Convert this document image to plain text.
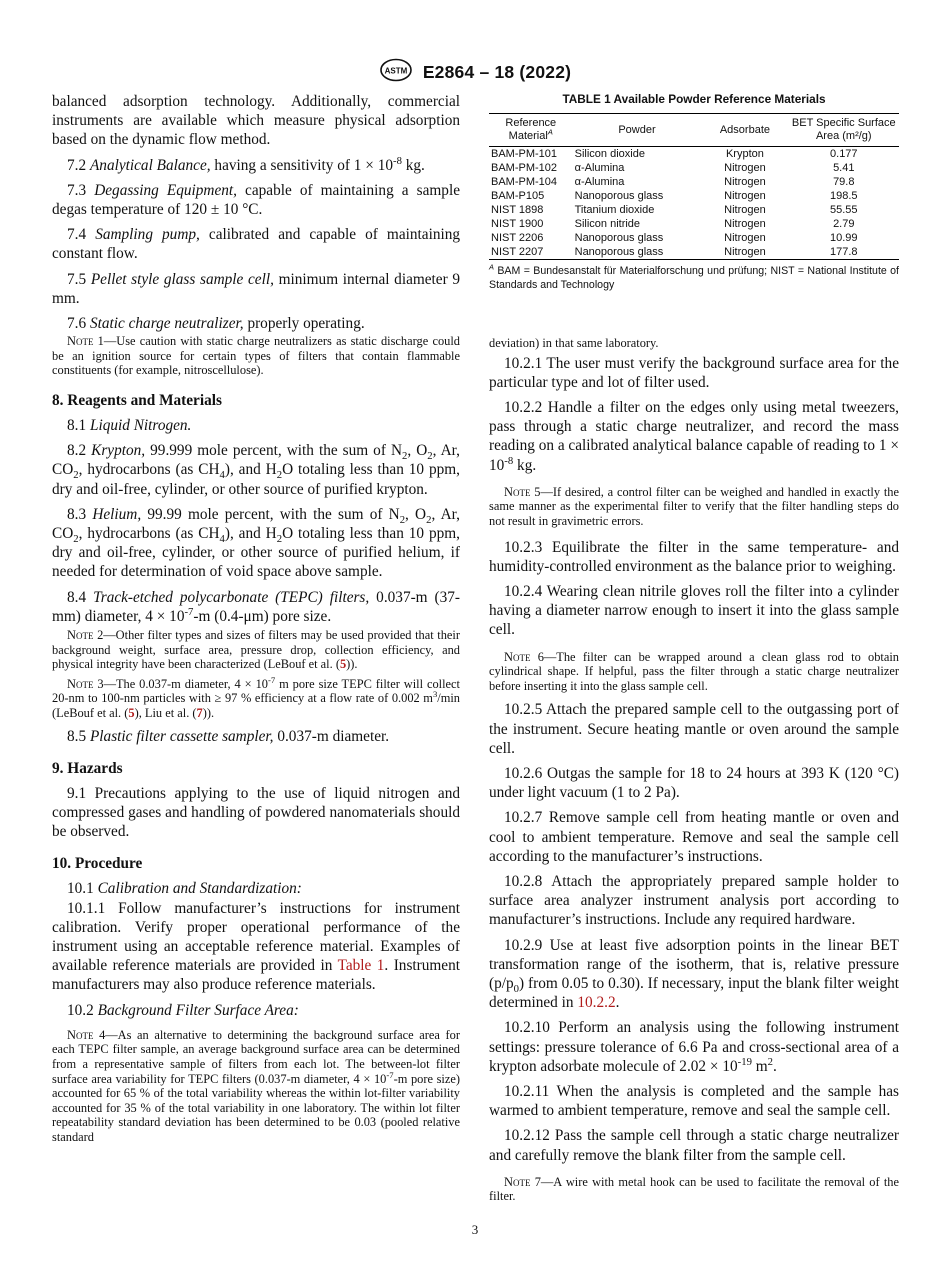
ASTM E2864 – 18 (2022)

balanced adsorption technology. Additionally, commercial instruments are available which measure physical adsorption based on the dynamic flow method.

7.2 Analytical Balance, having a sensitivity of $1 \times 10^{-8}$ kg.

7.3 Degassing Equipment, capable of maintaining a sample degas temperature of 120 ± 10 °C.

7.4 Sampling pump, calibrated and capable of maintaining constant flow.

7.5 Pellet style glass sample cell, minimum internal diameter 9 mm.

7.6 Static charge neutralizer, properly operating.

Note 1—Use caution with static charge neutralizers as static discharge could be an ignition source for certain types of filters that contain flammable constituents (for example, nitroscellulose).

8. Reagents and Materials

8.1 Liquid Nitrogen.

8.2 Krypton, 99.999 mole percent, with the sum of $N_2$, $O_2$, Ar, $CO_2$, hydrocarbons (as $CH_4$), and $H_2O$ totaling less than 10 ppm, dry and oil-free, cylinder, or other source of purified krypton.

8.3 Helium, 99.99 mole percent, with the sum of $N_2$, $O_2$, Ar, $CO_2$, hydrocarbons (as $CH_4$), and $H_2O$ totaling less than 10 ppm, dry and oil-free, cylinder, or other source of purified helium, if needed for determination of void space above sample.

8.4 Track-etched polycarbonate (TEPC) filters, 0.037-m (37-mm) diameter, $4 \times 10^{-7}-m$ (0.4-μm) pore size.

Note 2—Other filter types and sizes of filters may be used provided that their background weight, surface area, pressure drop, collection efficiency, and physical integrity have been characterized (LeBouf et al. (5)).

Note 3—The 0.037-m diameter, $4 \times 10^{-7}$ m pore size TEPC filter will collect 20-nm to 100-nm particles with ≥ 97 % efficiency at a flow rate of 0.002 $m^3/\min$ (LeBouf et al. (5), Liu et al. (7)).

8.5 Plastic filter cassette sampler, 0.037-m diameter.

9. Hazards

9.1 Precautions applying to the use of liquid nitrogen and compressed gases and handling of powdered nanomaterials should be observed.

10. Procedure

10.1 Calibration and Standardization:

10.1.1 Follow manufacturer’s instructions for instrument calibration. Verify proper operational performance of the instrument using an acceptable reference material. Examples of available reference materials are provided in Table 1. Instrument manufacturers may also produce reference materials.

10.2 Background Filter Surface Area:

Note 4—As an alternative to determining the background surface area for each TEPC filter sample, an average background surface area can be determined from a representative sample of filters from each lot. The between-lot filter surface area variability for TEPC filters (0.037-m diameter, $4 \times 10^{-7}-m$ pore size) accounted for 65 % of the total variability whereas the within lot-filter variability accounted for 35 % of the total variability in one laboratory. The within lot filter repeatability standard deviation has been determined to be 0.03 (pooled relative standard

TABLE 1 Available Powder Reference Materials
Reference Material$^A$	Powder	Adsorbate	BET Specific Surface Area (m²/g)
BAM-PM-101	Silicon dioxide	Krypton	0.177
BAM-PM-102	α-Alumina	Nitrogen	5.41
BAM-PM-104	α-Alumina	Nitrogen	79.8
BAM-P105	Nanoporous glass	Nitrogen	198.5
NIST 1898	Titanium dioxide	Nitrogen	55.55
NIST 1900	Silicon nitride	Nitrogen	2.79
NIST 2206	Nanoporous glass	Nitrogen	10.99
NIST 2207	Nanoporous glass	Nitrogen	177.8
$^A$ BAM = Bundesanstalt für Materialforschung und prüfung; NIST = National Institute of Standards and Technology

deviation) in that same laboratory.

10.2.1 The user must verify the background surface area for the particular type and lot of filter used.

10.2.2 Handle a filter on the edges only using metal tweezers, pass through a static charge neutralizer, and record the mass reading on a calibrated analytical balance capable of reading to $1 \times 10^{-8}$ kg.

Note 5—If desired, a control filter can be weighed and handled in exactly the same manner as the experimental filter to verify that the filter handling steps do not result in gravimetric errors.

10.2.3 Equilibrate the filter in the same temperature- and humidity-controlled environment as the balance prior to weighing.

10.2.4 Wearing clean nitrile gloves roll the filter into a cylinder having a diameter narrow enough to insert it into the glass sample cell.

Note 6—The filter can be wrapped around a clean glass rod to obtain cylindrical shape. If helpful, pass the filter through a static charge neutralizer before inserting it into the glass sample cell.

10.2.5 Attach the prepared sample cell to the outgassing port of the instrument. Secure heating mantle or oven around the sample cell.

10.2.6 Outgas the sample for 18 to 24 hours at 393 K (120 °C) under light vacuum (1 to 2 Pa).

10.2.7 Remove sample cell from heating mantle or oven and cool to ambient temperature. Remove and seal the sample cell according to the manufacturer’s instructions.

10.2.8 Attach the appropriately prepared sample holder to surface area analyzer instrument analysis port according to manufacturer’s instructions. Include any required hardware.

10.2.9 Use at least five adsorption points in the linear BET transformation range of the isotherm, that is, relative pressure $(p/p_0)$ from 0.05 to 0.30). If necessary, input the blank filter weight determined in 10.2.2.

10.2.10 Perform an analysis using the following instrument settings: pressure tolerance of 6.6 Pa and cross-sectional area of a krypton adsorbate molecule of $2.02 \times 10^{-19}$ $m^2$.

10.2.11 When the analysis is completed and the sample has warmed to ambient temperature, remove and seal the sample cell.

10.2.12 Pass the sample cell through a static charge neutralizer and carefully remove the blank filter from the sample cell.

Note 7—A wire with metal hook can be used to facilitate the removal of the filter.

3
